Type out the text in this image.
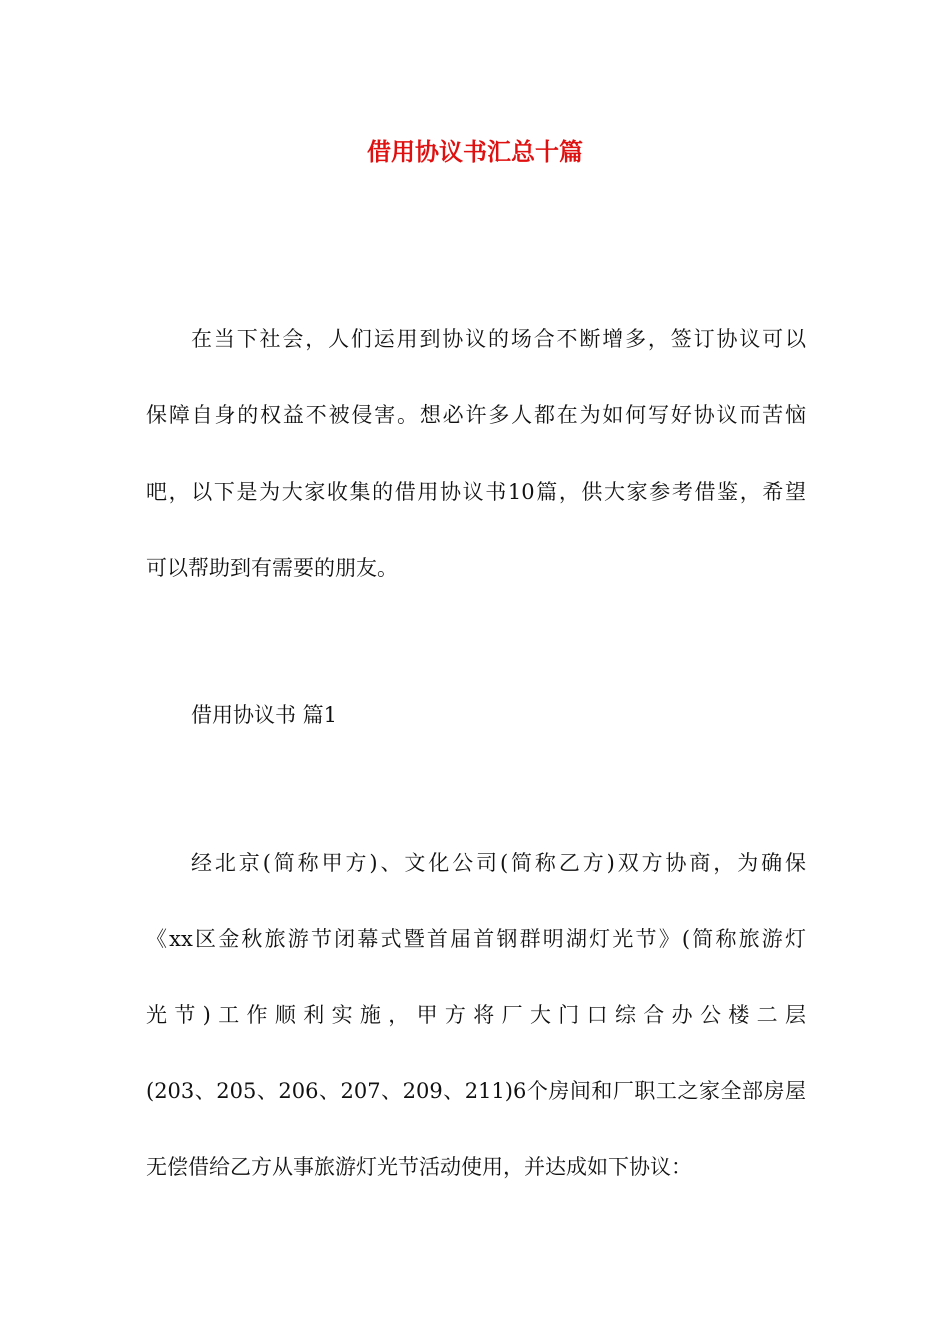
借用协议书汇总十篇
在当下社会，人们运用到协议的场合不断增多，签订协议可以
保障自身的权益不被侵害。想必许多人都在为如何写好协议而苦恼
吧，以下是为大家收集的借用协议书10篇，供大家参考借鉴，希望
可以帮助到有需要的朋友。
借用协议书 篇1
经北京(简称甲方)、文化公司(简称乙方)双方协商，为确保
《xx区金秋旅游节闭幕式暨首届首钢群明湖灯光节》(简称旅游灯
光节)工作顺利实施，甲方将厂大门口综合办公楼二层
(203、205、206、207、209、211)6个房间和厂职工之家全部房屋
无偿借给乙方从事旅游灯光节活动使用，并达成如下协议：
